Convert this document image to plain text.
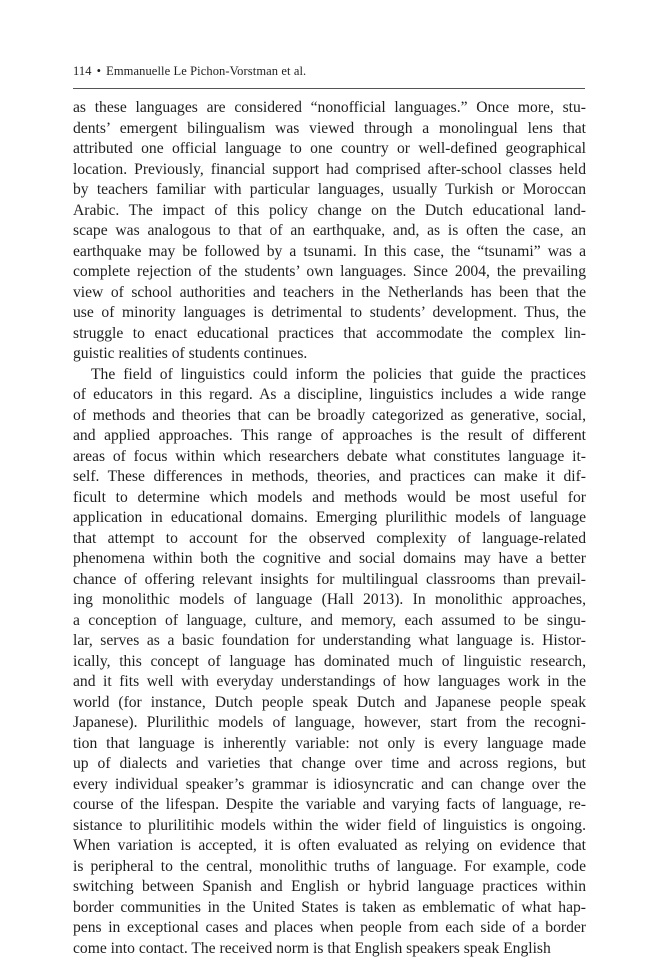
114 • Emmanuelle Le Pichon-Vorstman et al.
as these languages are considered “nonofficial languages.” Once more, stu-
dents’ emergent bilingualism was viewed through a monolingual lens that
attributed one official language to one country or well-defined geographical
location. Previously, financial support had comprised after-school classes held
by teachers familiar with particular languages, usually Turkish or Moroccan
Arabic. The impact of this policy change on the Dutch educational land-
scape was analogous to that of an earthquake, and, as is often the case, an
earthquake may be followed by a tsunami. In this case, the “tsunami” was a
complete rejection of the students’ own languages. Since 2004, the prevailing
view of school authorities and teachers in the Netherlands has been that the
use of minority languages is detrimental to students’ development. Thus, the
struggle to enact educational practices that accommodate the complex lin-
guistic realities of students continues.
The field of linguistics could inform the policies that guide the practices
of educators in this regard. As a discipline, linguistics includes a wide range
of methods and theories that can be broadly categorized as generative, social,
and applied approaches. This range of approaches is the result of different
areas of focus within which researchers debate what constitutes language it-
self. These differences in methods, theories, and practices can make it dif-
ficult to determine which models and methods would be most useful for
application in educational domains. Emerging plurilithic models of language
that attempt to account for the observed complexity of language-related
phenomena within both the cognitive and social domains may have a better
chance of offering relevant insights for multilingual classrooms than prevail-
ing monolithic models of language (Hall 2013). In monolithic approaches,
a conception of language, culture, and memory, each assumed to be singu-
lar, serves as a basic foundation for understanding what language is. Histor-
ically, this concept of language has dominated much of linguistic research,
and it fits well with everyday understandings of how languages work in the
world (for instance, Dutch people speak Dutch and Japanese people speak
Japanese). Plurilithic models of language, however, start from the recogni-
tion that language is inherently variable: not only is every language made
up of dialects and varieties that change over time and across regions, but
every individual speaker’s grammar is idiosyncratic and can change over the
course of the lifespan. Despite the variable and varying facts of language, re-
sistance to plurilitihic models within the wider field of linguistics is ongoing.
When variation is accepted, it is often evaluated as relying on evidence that
is peripheral to the central, monolithic truths of language. For example, code
switching between Spanish and English or hybrid language practices within
border communities in the United States is taken as emblematic of what hap-
pens in exceptional cases and places when people from each side of a border
come into contact. The received norm is that English speakers speak English
